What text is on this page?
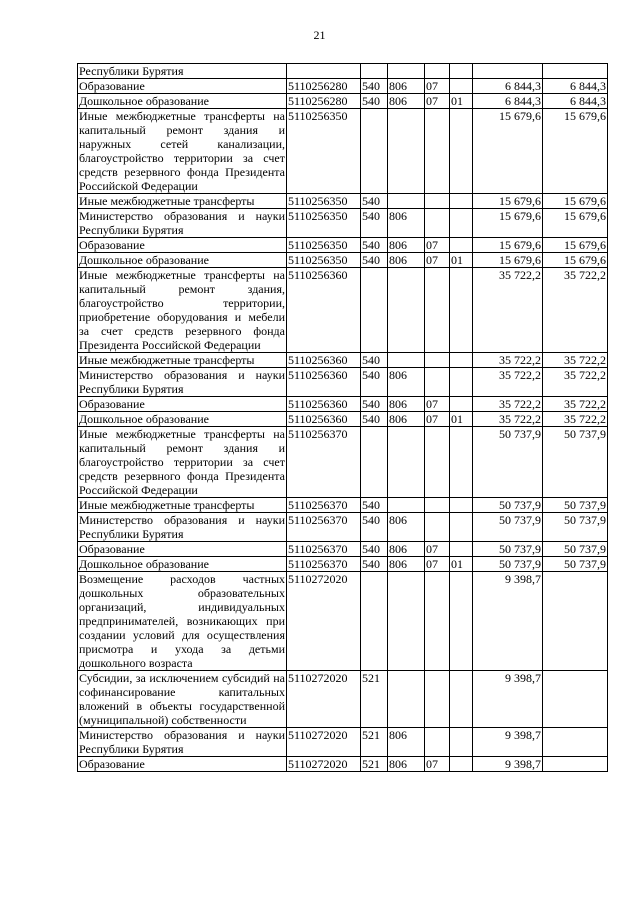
21
Республики Бурятия							
Образование	5110256280	540	806	07		6 844,3	6 844,3
Дошкольное образование	5110256280	540	806	07	01	6 844,3	6 844,3
Иные межбюджетные трансферты на капитальный ремонт здания и наружных сетей канализации, благоустройство территории за счет средств резервного фонда Президента Российской Федерации	5110256350					15 679,6	15 679,6
Иные межбюджетные трансферты	5110256350	540				15 679,6	15 679,6
Министерство образования и науки Республики Бурятия	5110256350	540	806			15 679,6	15 679,6
Образование	5110256350	540	806	07		15 679,6	15 679,6
Дошкольное образование	5110256350	540	806	07	01	15 679,6	15 679,6
Иные межбюджетные трансферты на капитальный ремонт здания, благоустройство территории, приобретение оборудования и мебели за счет средств резервного фонда Президента Российской Федерации	5110256360					35 722,2	35 722,2
Иные межбюджетные трансферты	5110256360	540				35 722,2	35 722,2
Министерство образования и науки Республики Бурятия	5110256360	540	806			35 722,2	35 722,2
Образование	5110256360	540	806	07		35 722,2	35 722,2
Дошкольное образование	5110256360	540	806	07	01	35 722,2	35 722,2
Иные межбюджетные трансферты на капитальный ремонт здания и благоустройство территории за счет средств резервного фонда Президента Российской Федерации	5110256370					50 737,9	50 737,9
Иные межбюджетные трансферты	5110256370	540				50 737,9	50 737,9
Министерство образования и науки Республики Бурятия	5110256370	540	806			50 737,9	50 737,9
Образование	5110256370	540	806	07		50 737,9	50 737,9
Дошкольное образование	5110256370	540	806	07	01	50 737,9	50 737,9
Возмещение расходов частных дошкольных образовательных организаций, индивидуальных предпринимателей, возникающих при создании условий для осуществления присмотра и ухода за детьми дошкольного возраста	5110272020					9 398,7	
Субсидии, за исключением субсидий на софинансирование капитальных вложений в объекты государственной (муниципальной) собственности	5110272020	521				9 398,7	
Министерство образования и науки Республики Бурятия	5110272020	521	806			9 398,7	
Образование	5110272020	521	806	07		9 398,7	
